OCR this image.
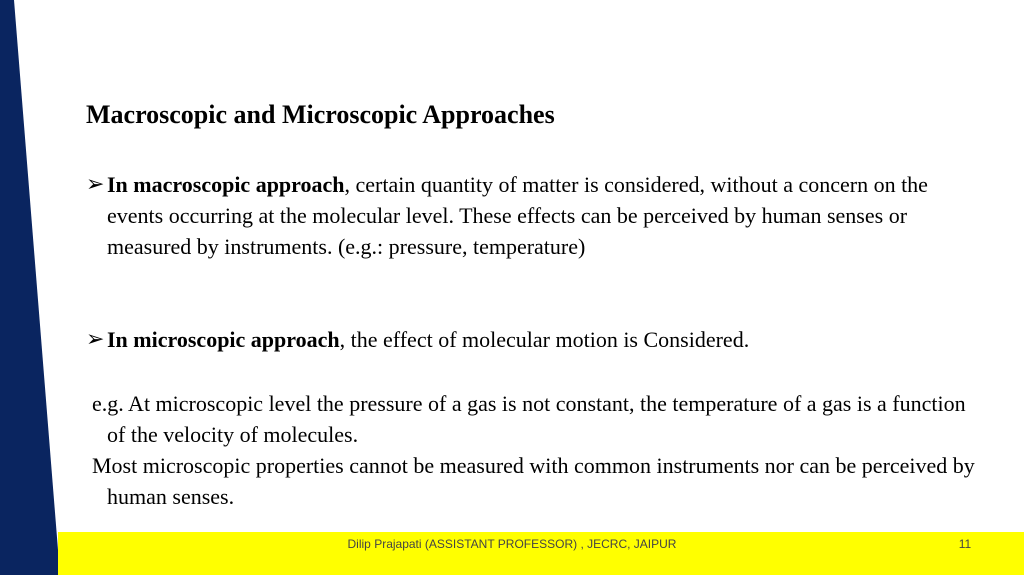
Dilip Prajapati (ASSISTANT PROFESSOR) , JECRC, JAIPUR	11
Macroscopic and Microscopic Approaches
➢ In macroscopic approach, certain quantity of matter is considered, without a concern on the events occurring at the molecular level. These effects can be perceived by human senses or measured by instruments. (e.g.: pressure, temperature)
➢ In microscopic approach, the effect of molecular motion is Considered.
e.g. At microscopic level the pressure of a gas is not constant, the temperature of a gas is a function of the velocity of molecules.
Most microscopic properties cannot be measured with common instruments nor can be perceived by human senses.
